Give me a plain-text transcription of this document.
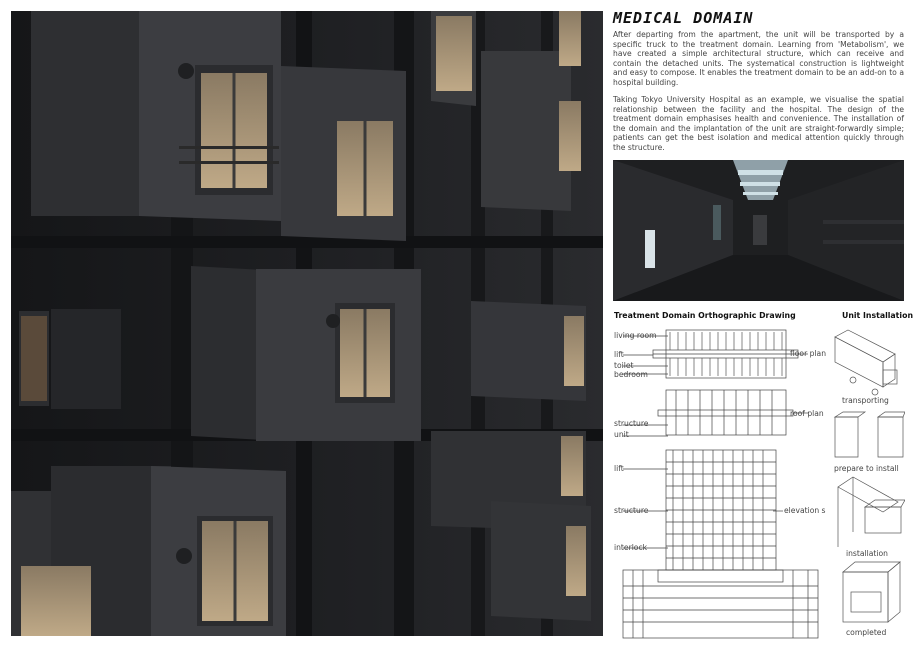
MEDICAL DOMAIN
After departing from the apartment, the unit will be transported by a specific truck to the treatment domain. Learning from 'Metabolism', we have created a simple architectural structure, which can receive and contain the detached units. The systematical construction is lightweight and easy to compose. It enables the treatment domain to be an add-on to a hospital building.
Taking Tokyo University Hospital as an example, we visualise the spatial relationship between the facility and the hospital. The design of the treatment domain emphasises health and convenience. The installation of the domain and the implantation of the unit are straight-forwardly simple; patients can get the best isolation and medical attention quickly through the structure.
Treatment Domain Orthographic Drawing	Unit Installation
living room
lift
toilet
bedroom
floor plan
structure
unit
roof plan
lift
structure	elevation s
interlock
transporting
prepare to install
installation
completed
